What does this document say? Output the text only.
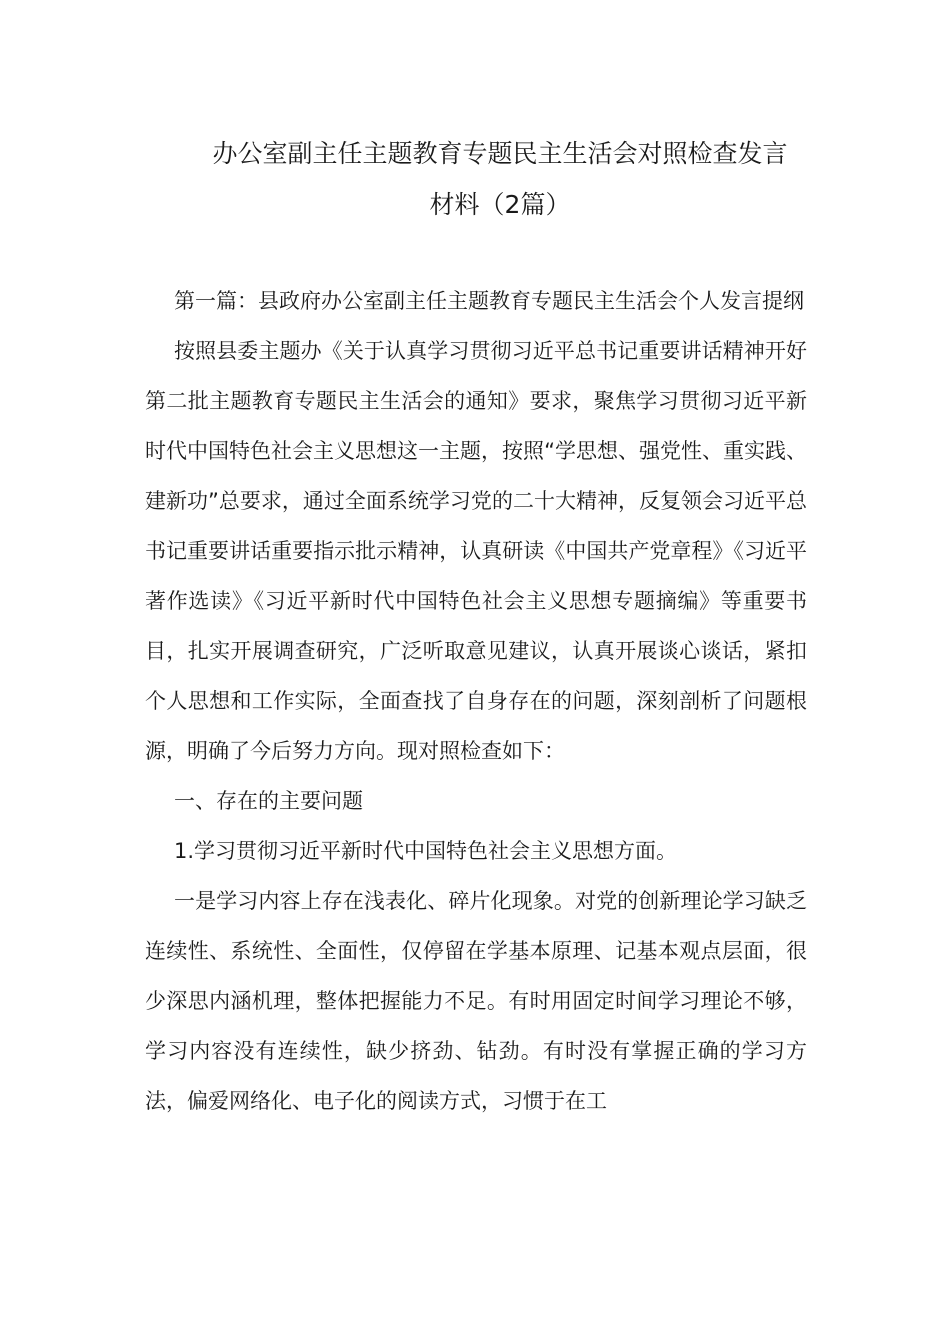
办公室副主任主题教育专题民主生活会对照检查发言
材料（2篇）

第一篇：县政府办公室副主任主题教育专题民主生活会个人发言提纲

按照县委主题办《关于认真学习贯彻习近平总书记重要讲话精神开好第二批主题教育专题民主生活会的通知》要求，聚焦学习贯彻习近平新时代中国特色社会主义思想这一主题，按照“学思想、强党性、重实践、建新功”总要求，通过全面系统学习党的二十大精神，反复领会习近平总书记重要讲话重要指示批示精神，认真研读《中国共产党章程》《习近平著作选读》《习近平新时代中国特色社会主义思想专题摘编》等重要书目，扎实开展调查研究，广泛听取意见建议，认真开展谈心谈话，紧扣个人思想和工作实际，全面查找了自身存在的问题，深刻剖析了问题根源，明确了今后努力方向。现对照检查如下：

一、存在的主要问题

1.学习贯彻习近平新时代中国特色社会主义思想方面。

一是学习内容上存在浅表化、碎片化现象。对党的创新理论学习缺乏连续性、系统性、全面性，仅停留在学基本原理、记基本观点层面，很少深思内涵机理，整体把握能力不足。有时用固定时间学习理论不够，学习内容没有连续性，缺少挤劲、钻劲。有时没有掌握正确的学习方法，偏爱网络化、电子化的阅读方式，习惯于在工
